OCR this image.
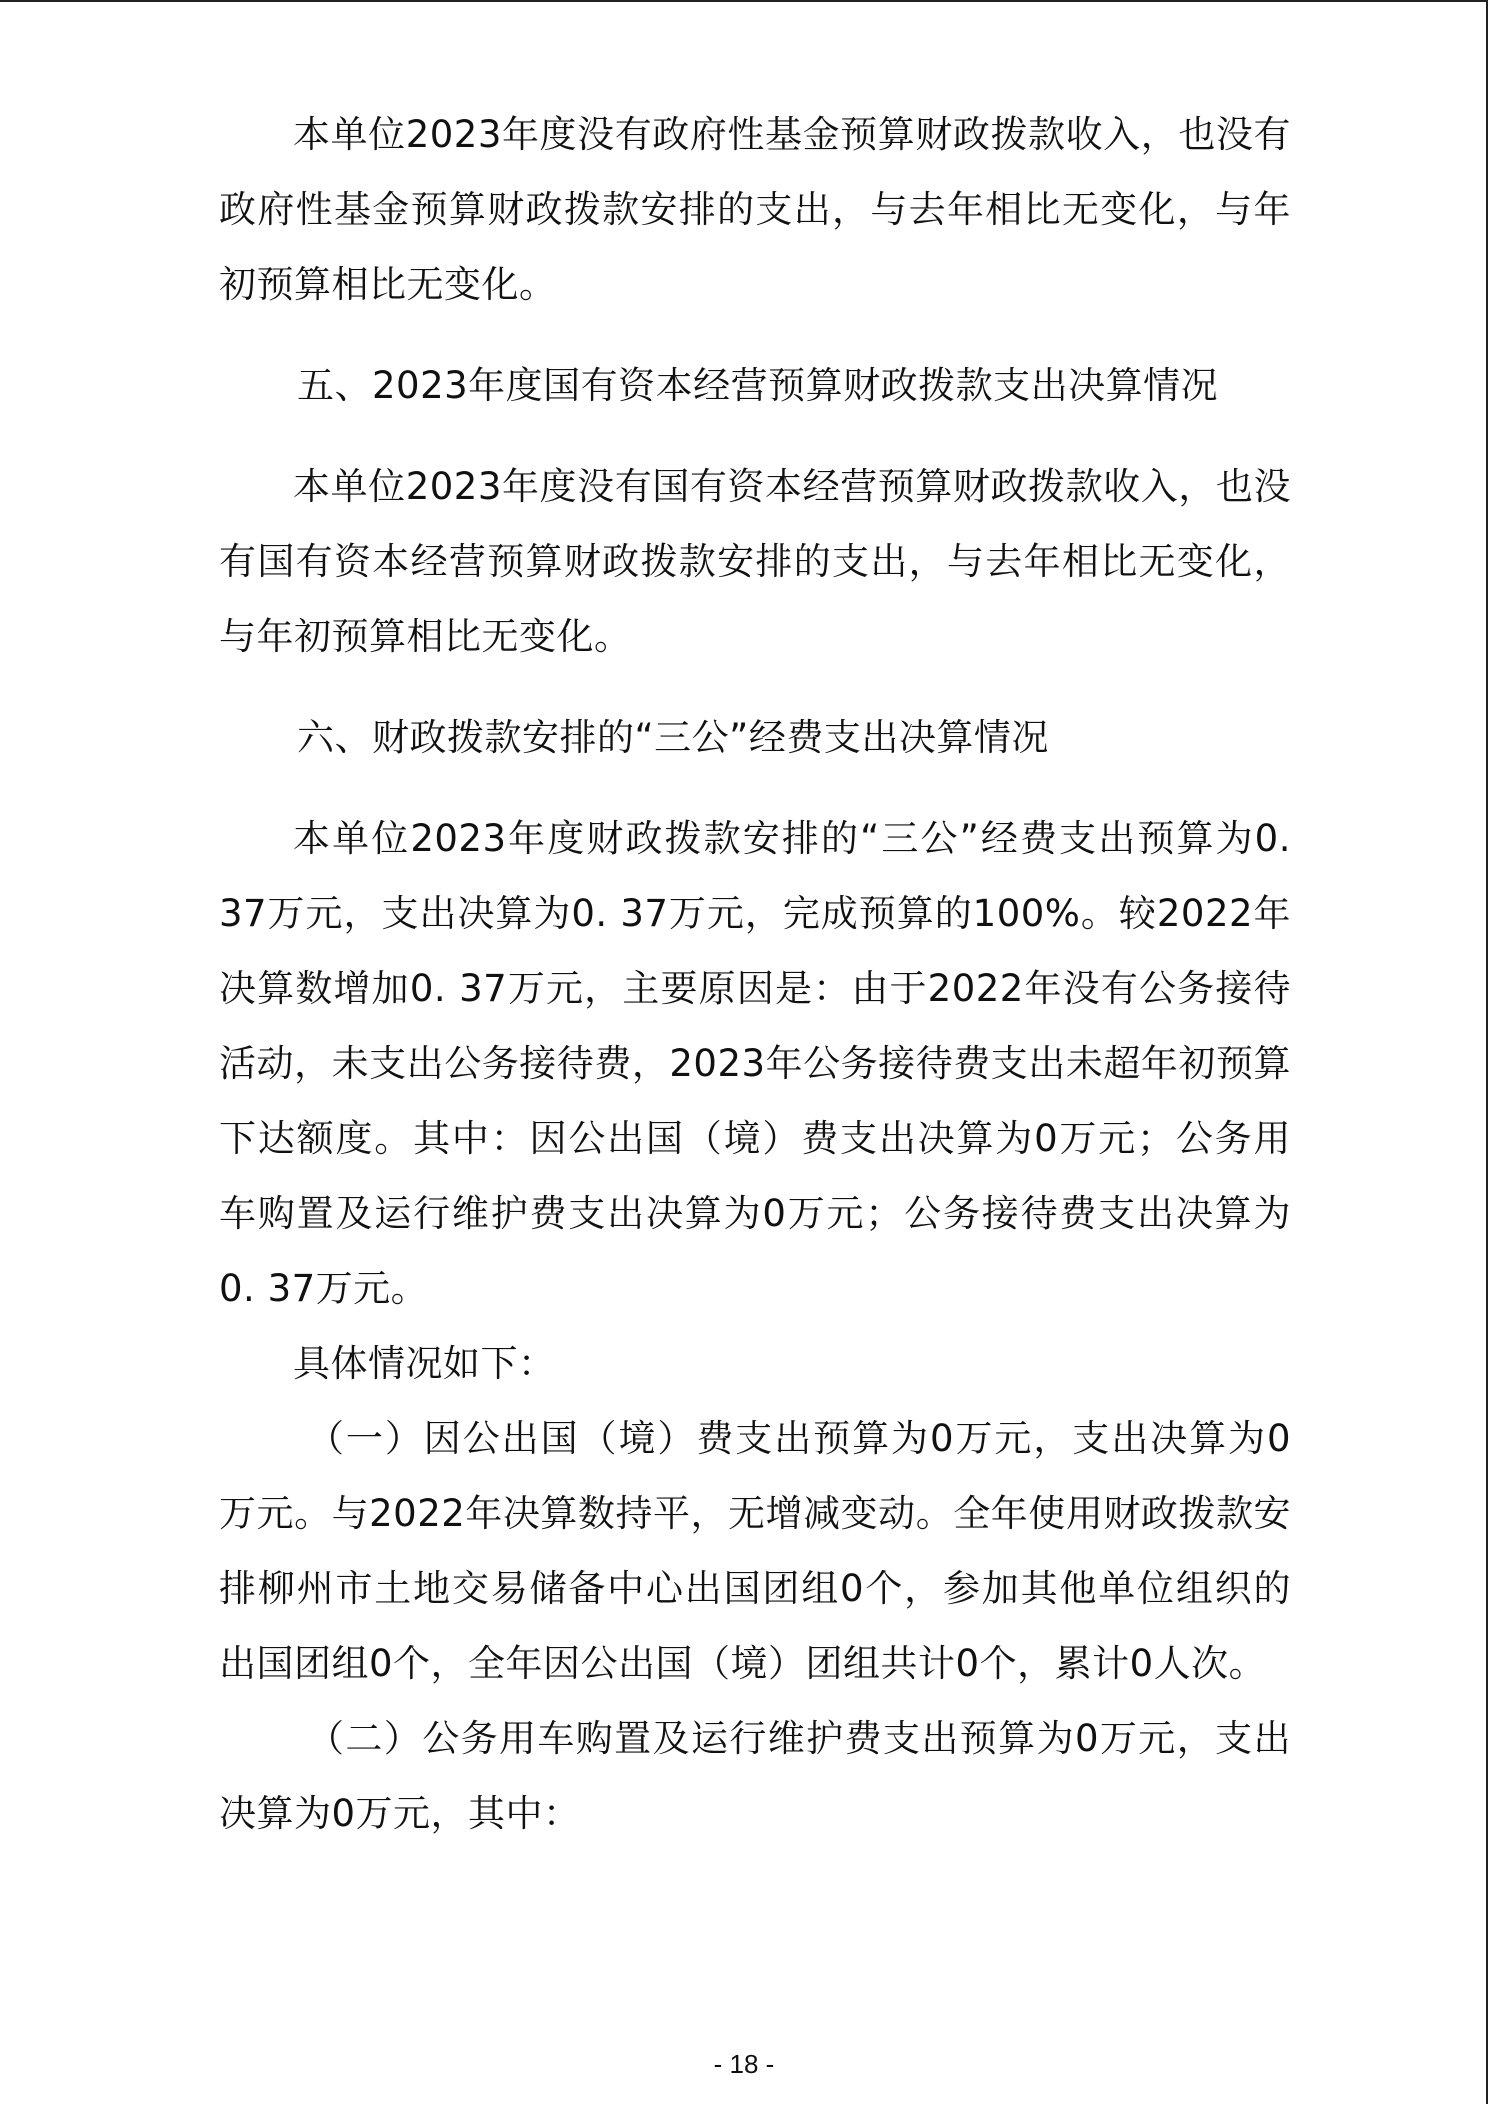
本单位2023年度没有政府性基金预算财政拨款收入，也没有政府性基金预算财政拨款安排的支出，与去年相比无变化，与年初预算相比无变化。

五、2023年度国有资本经营预算财政拨款支出决算情况

本单位2023年度没有国有资本经营预算财政拨款收入，也没有国有资本经营预算财政拨款安排的支出，与去年相比无变化，与年初预算相比无变化。

六、财政拨款安排的“三公”经费支出决算情况

本单位2023年度财政拨款安排的“三公”经费支出预算为0. 37万元，支出决算为0. 37万元，完成预算的100%。较2022年决算数增加0. 37万元，主要原因是：由于2022年没有公务接待活动，未支出公务接待费，2023年公务接待费支出未超年初预算下达额度。其中：因公出国（境）费支出决算为0万元；公务用车购置及运行维护费支出决算为0万元；公务接待费支出决算为0. 37万元。

具体情况如下：

（一）因公出国（境）费支出预算为0万元，支出决算为0万元。与2022年决算数持平，无增减变动。全年使用财政拨款安排柳州市土地交易储备中心出国团组0个，参加其他单位组织的出国团组0个，全年因公出国（境）团组共计0个，累计0人次。

（二）公务用车购置及运行维护费支出预算为0万元，支出决算为0万元，其中：

- 18 -
